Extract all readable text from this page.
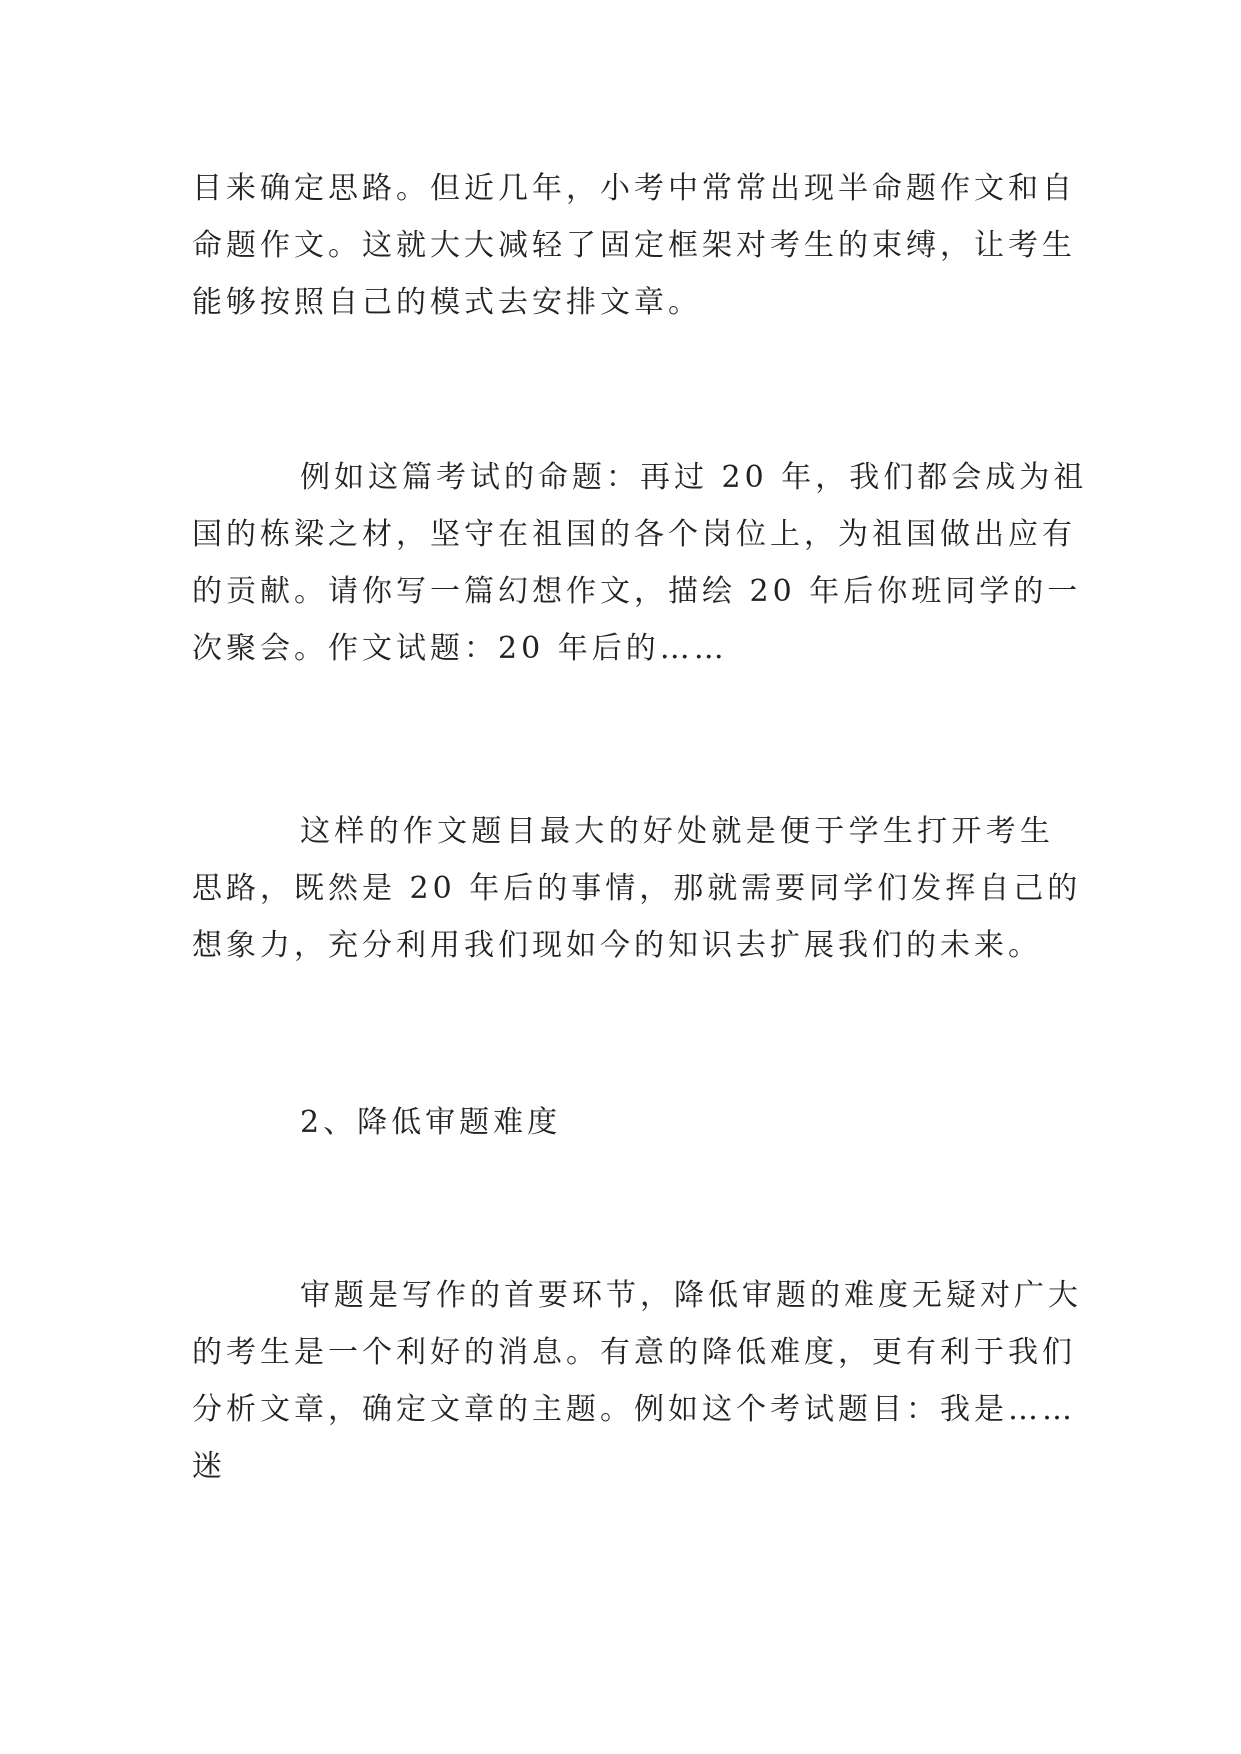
目来确定思路。但近几年，小考中常常出现半命题作文和自
命题作文。这就大大减轻了固定框架对考生的束缚，让考生
能够按照自己的模式去安排文章。
例如这篇考试的命题：再过 20 年，我们都会成为祖
国的栋梁之材，坚守在祖国的各个岗位上，为祖国做出应有
的贡献。请你写一篇幻想作文，描绘 20 年后你班同学的一
次聚会。作文试题：20 年后的……
这样的作文题目最大的好处就是便于学生打开考生
思路，既然是 20 年后的事情，那就需要同学们发挥自己的
想象力，充分利用我们现如今的知识去扩展我们的未来。
2、降低审题难度
审题是写作的首要环节，降低审题的难度无疑对广大
的考生是一个利好的消息。有意的降低难度，更有利于我们
分析文章，确定文章的主题。例如这个考试题目：我是……
迷
